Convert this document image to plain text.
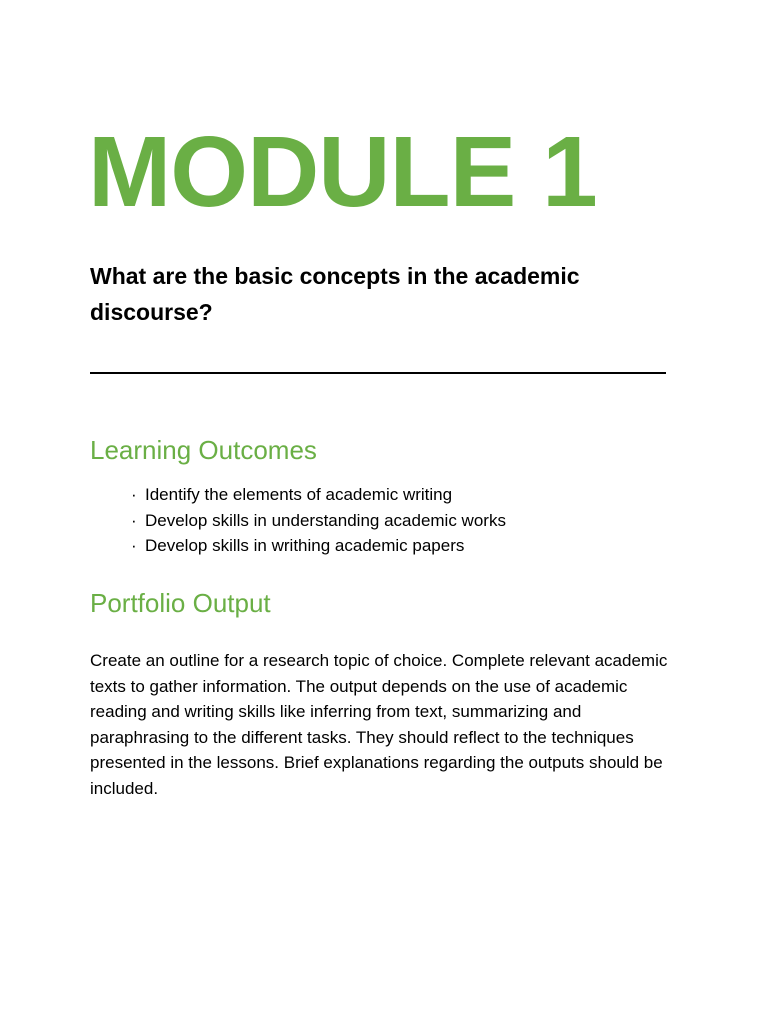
MODULE 1
What are the basic concepts in the academic discourse?
Learning Outcomes
· Identify the elements of academic writing
· Develop skills in understanding academic works
· Develop skills in writhing academic papers
Portfolio Output

Create an outline for a research topic of choice. Complete relevant academic texts to gather information. The output depends on the use of academic reading and writing skills like inferring from text, summarizing and paraphrasing to the different tasks. They should reflect to the techniques presented in the lessons. Brief explanations regarding the outputs should be included.
